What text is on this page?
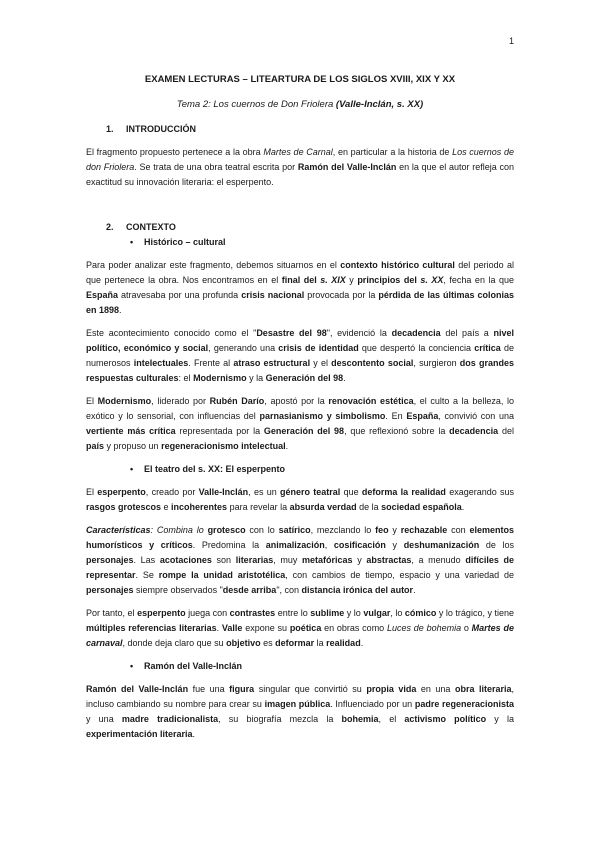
1
EXAMEN LECTURAS – LITEARTURA DE LOS SIGLOS XVIII, XIX Y XX
Tema 2: Los cuernos de Don Friolera (Valle-Inclán, s. XX)
1. INTRODUCCIÓN

El fragmento propuesto pertenece a la obra Martes de Carnal, en particular a la historia de Los cuernos de don Friolera. Se trata de una obra teatral escrita por Ramón del Valle-Inclán en la que el autor refleja con exactitud su innovación literaria: el esperpento.

2. CONTEXTO
• Histórico – cultural

Para poder analizar este fragmento, debemos situarnos en el contexto histórico cultural del periodo al que pertenece la obra. Nos encontramos en el final del s. XIX y principios del s. XX, fecha en la que España atravesaba por una profunda crisis nacional provocada por la pérdida de las últimas colonias en 1898.

Este acontecimiento conocido como el "Desastre del 98", evidenció la decadencia del país a nivel político, económico y social, generando una crisis de identidad que despertó la conciencia crítica de numerosos intelectuales. Frente al atraso estructural y el descontento social, surgieron dos grandes respuestas culturales: el Modernismo y la Generación del 98.

El Modernismo, liderado por Rubén Darío, apostó por la renovación estética, el culto a la belleza, lo exótico y lo sensorial, con influencias del parnasianismo y simbolismo. En España, convivió con una vertiente más crítica representada por la Generación del 98, que reflexionó sobre la decadencia del país y propuso un regeneracionismo intelectual.

• El teatro del s. XX: El esperpento

El esperpento, creado por Valle-Inclán, es un género teatral que deforma la realidad exagerando sus rasgos grotescos e incoherentes para revelar la absurda verdad de la sociedad española.

Características: Combina lo grotesco con lo satírico, mezclando lo feo y rechazable con elementos humorísticos y críticos. Predomina la animalización, cosificación y deshumanización de los personajes. Las acotaciones son literarias, muy metafóricas y abstractas, a menudo difíciles de representar. Se rompe la unidad aristotélica, con cambios de tiempo, espacio y una variedad de personajes siempre observados "desde arriba", con distancia irónica del autor.

Por tanto, el esperpento juega con contrastes entre lo sublime y lo vulgar, lo cómico y lo trágico, y tiene múltiples referencias literarias. Valle expone su poética en obras como Luces de bohemia o Martes de carnaval, donde deja claro que su objetivo es deformar la realidad.

• Ramón del Valle-Inclán

Ramón del Valle-Inclán fue una figura singular que convirtió su propia vida en una obra literaria, incluso cambiando su nombre para crear su imagen pública. Influenciado por un padre regeneracionista y una madre tradicionalista, su biografía mezcla la bohemia, el activismo político y la experimentación literaria.
